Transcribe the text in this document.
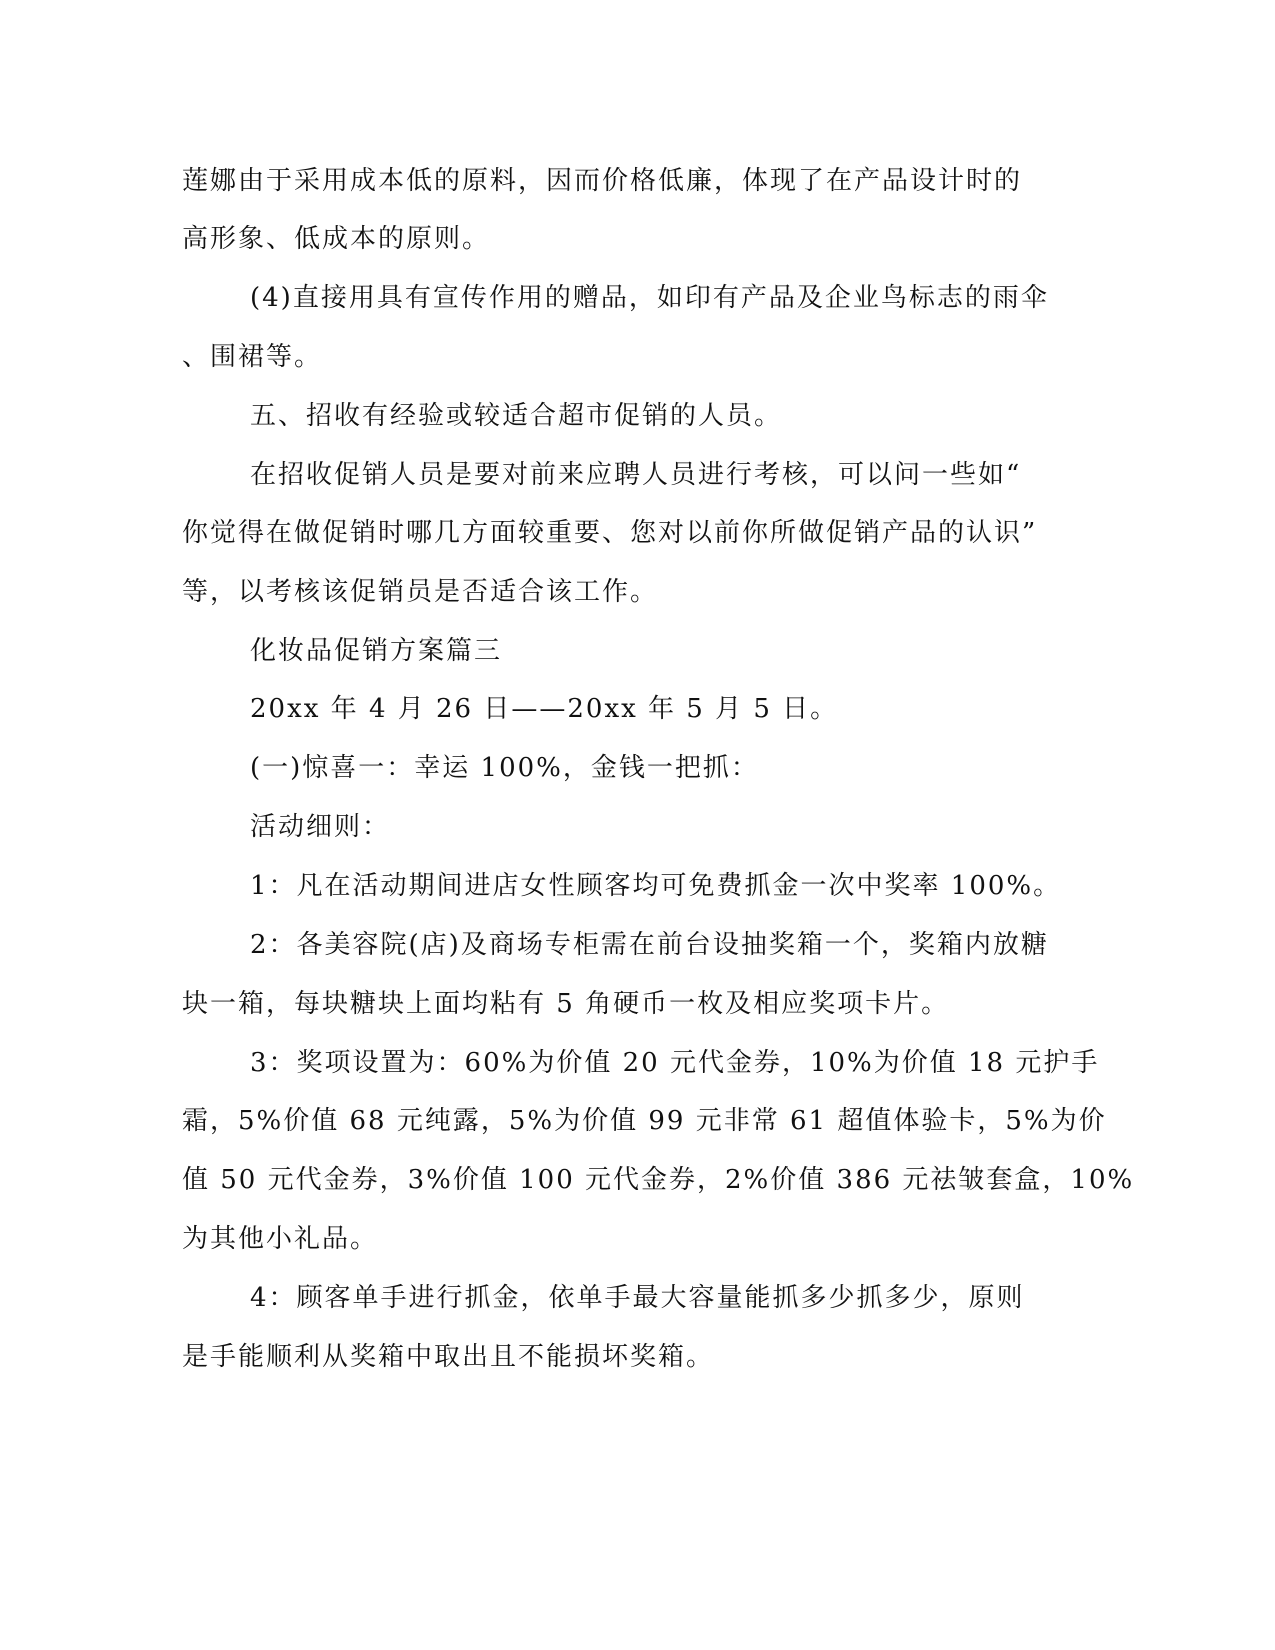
莲娜由于采用成本低的原料，因而价格低廉，体现了在产品设计时的
高形象、低成本的原则。
(4)直接用具有宣传作用的赠品，如印有产品及企业鸟标志的雨伞
、围裙等。
五、招收有经验或较适合超市促销的人员。
在招收促销人员是要对前来应聘人员进行考核，可以问一些如“
你觉得在做促销时哪几方面较重要、您对以前你所做促销产品的认识”
等，以考核该促销员是否适合该工作。
化妆品促销方案篇三
20xx 年 4 月 26 日——20xx 年 5 月 5 日。
(一)惊喜一：幸运 100%，金钱一把抓：
活动细则：
1：凡在活动期间进店女性顾客均可免费抓金一次中奖率 100%。
2：各美容院(店)及商场专柜需在前台设抽奖箱一个，奖箱内放糖
块一箱，每块糖块上面均粘有 5 角硬币一枚及相应奖项卡片。
3：奖项设置为：60%为价值 20 元代金券，10%为价值 18 元护手
霜，5%价值 68 元纯露，5%为价值 99 元非常 61 超值体验卡，5%为价
值 50 元代金券，3%价值 100 元代金券，2%价值 386 元祛皱套盒，10%
为其他小礼品。
4：顾客单手进行抓金，依单手最大容量能抓多少抓多少，原则
是手能顺利从奖箱中取出且不能损坏奖箱。
